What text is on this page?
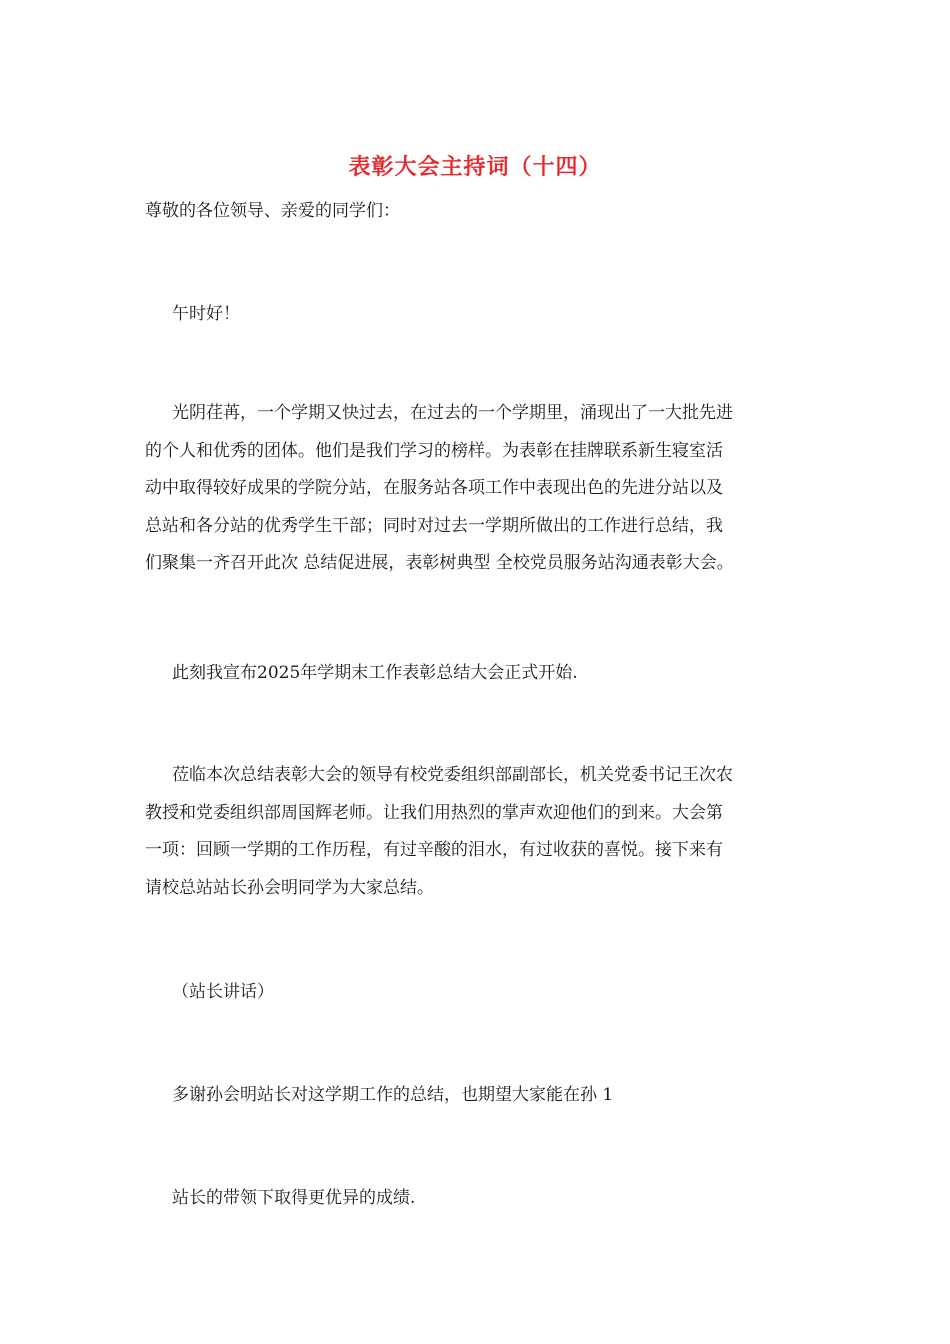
表彰大会主持词（十四）
尊敬的各位领导、亲爱的同学们：
午时好！
光阴荏苒，一个学期又快过去，在过去的一个学期里，涌现出了一大批先进
的个人和优秀的团体。他们是我们学习的榜样。为表彰在挂牌联系新生寝室活
动中取得较好成果的学院分站，在服务站各项工作中表现出色的先进分站以及
总站和各分站的优秀学生干部；同时对过去一学期所做出的工作进行总结，我
们聚集一齐召开此次 总结促进展，表彰树典型 全校党员服务站沟通表彰大会。
此刻我宣布2025年学期末工作表彰总结大会正式开始.
莅临本次总结表彰大会的领导有校党委组织部副部长，机关党委书记王次农
教授和党委组织部周国辉老师。让我们用热烈的掌声欢迎他们的到来。大会第
一项：回顾一学期的工作历程，有过辛酸的泪水，有过收获的喜悦。接下来有
请校总站站长孙会明同学为大家总结。
（站长讲话）
多谢孙会明站长对这学期工作的总结，也期望大家能在孙 1
站长的带领下取得更优异的成绩.
